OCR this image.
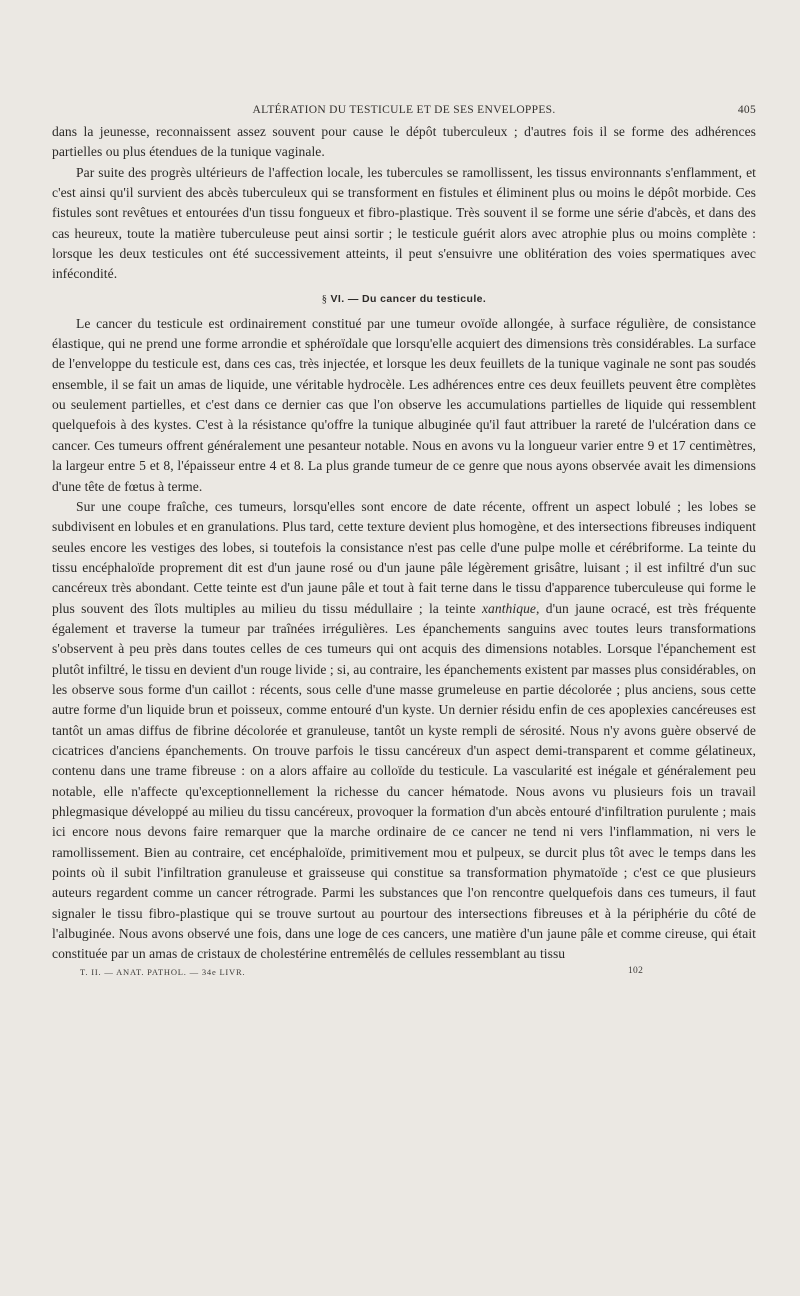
ALTÉRATION DU TESTICULE ET DE SES ENVELOPPES.	405

dans la jeunesse, reconnaissent assez souvent pour cause le dépôt tuberculeux ; d'autres fois il se forme des adhérences partielles ou plus étendues de la tunique vaginale.

Par suite des progrès ultérieurs de l'affection locale, les tubercules se ramollissent, les tissus environnants s'enflamment, et c'est ainsi qu'il survient des abcès tuberculeux qui se transforment en fistules et éliminent plus ou moins le dépôt morbide. Ces fistules sont revêtues et entourées d'un tissu fongueux et fibro-plastique. Très souvent il se forme une série d'abcès, et dans des cas heureux, toute la matière tuberculeuse peut ainsi sortir ; le testicule guérit alors avec atrophie plus ou moins complète : lorsque les deux testicules ont été successivement atteints, il peut s'ensuivre une oblitération des voies spermatiques avec infécondité.

§ VI. — Du cancer du testicule.

Le cancer du testicule est ordinairement constitué par une tumeur ovoïde allongée, à surface régulière, de consistance élastique, qui ne prend une forme arrondie et sphéroïdale que lorsqu'elle acquiert des dimensions très considérables. La surface de l'enveloppe du testicule est, dans ces cas, très injectée, et lorsque les deux feuillets de la tunique vaginale ne sont pas soudés ensemble, il se fait un amas de liquide, une véritable hydrocèle. Les adhérences entre ces deux feuillets peuvent être complètes ou seulement partielles, et c'est dans ce dernier cas que l'on observe les accumulations partielles de liquide qui ressemblent quelquefois à des kystes. C'est à la résistance qu'offre la tunique albuginée qu'il faut attribuer la rareté de l'ulcération dans ce cancer. Ces tumeurs offrent généralement une pesanteur notable. Nous en avons vu la longueur varier entre 9 et 17 centimètres, la largeur entre 5 et 8, l'épaisseur entre 4 et 8. La plus grande tumeur de ce genre que nous ayons observée avait les dimensions d'une tête de fœtus à terme.

Sur une coupe fraîche, ces tumeurs, lorsqu'elles sont encore de date récente, offrent un aspect lobulé ; les lobes se subdivisent en lobules et en granulations. Plus tard, cette texture devient plus homogène, et des intersections fibreuses indiquent seules encore les vestiges des lobes, si toutefois la consistance n'est pas celle d'une pulpe molle et cérébriforme. La teinte du tissu encéphaloïde proprement dit est d'un jaune rosé ou d'un jaune pâle légèrement grisâtre, luisant ; il est infiltré d'un suc cancéreux très abondant. Cette teinte est d'un jaune pâle et tout à fait terne dans le tissu d'apparence tuberculeuse qui forme le plus souvent des îlots multiples au milieu du tissu médullaire ; la teinte xanthique, d'un jaune ocracé, est très fréquente également et traverse la tumeur par traînées irrégulières. Les épanchements sanguins avec toutes leurs transformations s'observent à peu près dans toutes celles de ces tumeurs qui ont acquis des dimensions notables. Lorsque l'épanchement est plutôt infiltré, le tissu en devient d'un rouge livide ; si, au contraire, les épanchements existent par masses plus considérables, on les observe sous forme d'un caillot : récents, sous celle d'une masse grumeleuse en partie décolorée ; plus anciens, sous cette autre forme d'un liquide brun et poisseux, comme entouré d'un kyste. Un dernier résidu enfin de ces apoplexies cancéreuses est tantôt un amas diffus de fibrine décolorée et granuleuse, tantôt un kyste rempli de sérosité. Nous n'y avons guère observé de cicatrices d'anciens épanchements. On trouve parfois le tissu cancéreux d'un aspect demi-transparent et comme gélatineux, contenu dans une trame fibreuse : on a alors affaire au colloïde du testicule. La vascularité est inégale et généralement peu notable, elle n'affecte qu'exceptionnellement la richesse du cancer hématode. Nous avons vu plusieurs fois un travail phlegmasique développé au milieu du tissu cancéreux, provoquer la formation d'un abcès entouré d'infiltration purulente ; mais ici encore nous devons faire remarquer que la marche ordinaire de ce cancer ne tend ni vers l'inflammation, ni vers le ramollissement. Bien au contraire, cet encéphaloïde, primitivement mou et pulpeux, se durcit plus tôt avec le temps dans les points où il subit l'infiltration granuleuse et graisseuse qui constitue sa transformation phymatoïde ; c'est ce que plusieurs auteurs regardent comme un cancer rétrograde. Parmi les substances que l'on rencontre quelquefois dans ces tumeurs, il faut signaler le tissu fibro-plastique qui se trouve surtout au pourtour des intersections fibreuses et à la périphérie du côté de l'albuginée. Nous avons observé une fois, dans une loge de ces cancers, une matière d'un jaune pâle et comme cireuse, qui était constituée par un amas de cristaux de cholestérine entremêlés de cellules ressemblant au tissu

T. II. — ANAT. PATHOL. — 34e LIVR.	102
